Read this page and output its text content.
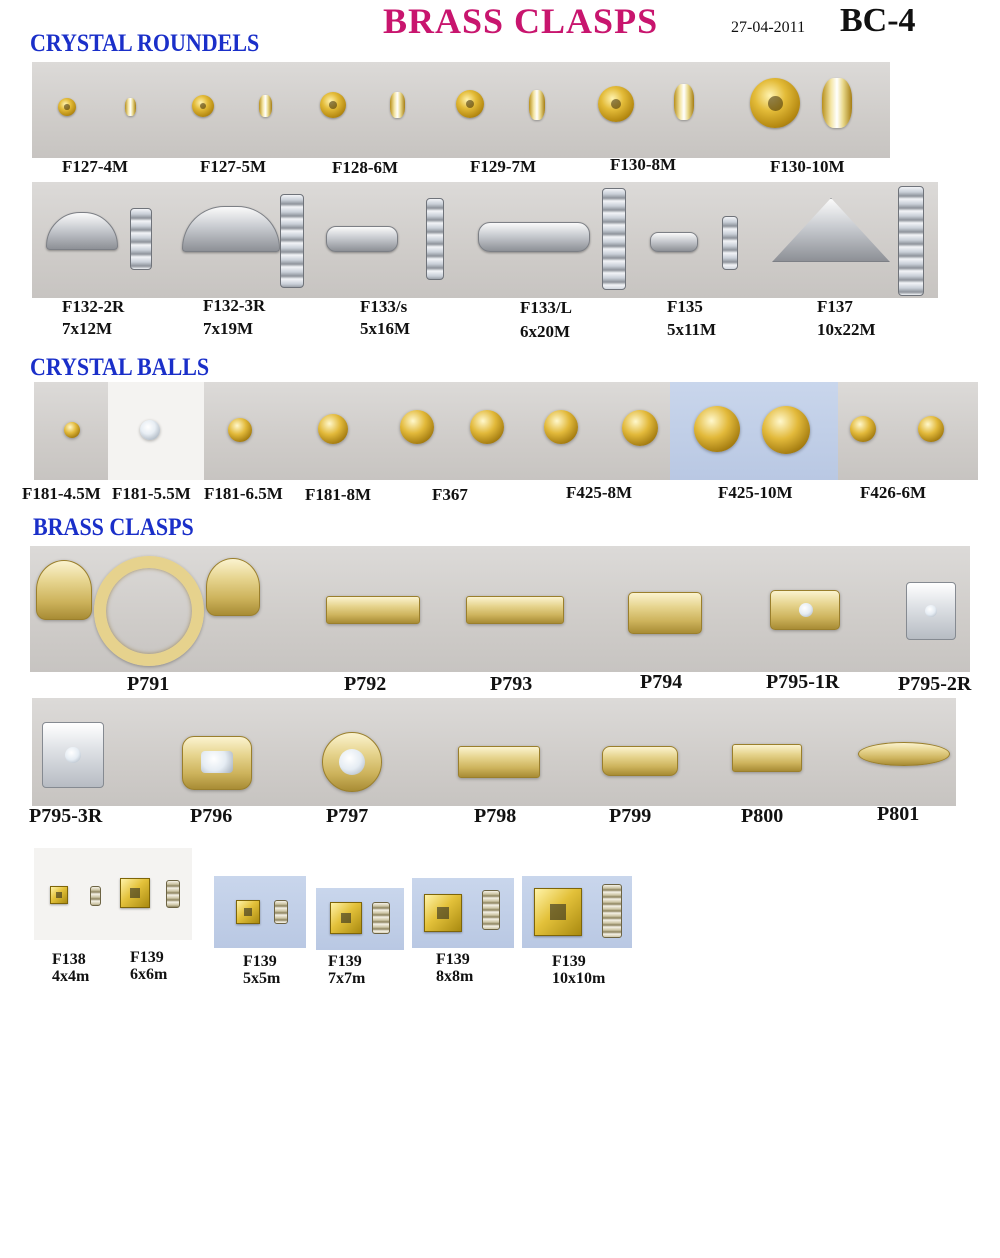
BRASS CLASPS	27-04-2011 BC-4
CRYSTAL ROUNDELS
F127-4M	F127-5M	F128-6M	F129-7M	F130-8M	F130-10M
F132-2R
7x12M
F132-3R
7x19M
F133/s
5x16M
F133/L
6x20M
F135
5x11M
F137
10x22M
CRYSTAL BALLS
F181-4.5M F181-5.5M F181-6.5M F181-8M	F367	F425-8M	F425-10M	F426-6M
BRASS CLASPS
P791	P792	P793	P794	P795-1R	P795-2R
P795-3R	P796	P797	P798	P799	P800	P801
F138
4x4m
F139
6x6m
F139
5x5m
F139
7x7m
F139
8x8m
F139
10x10m
